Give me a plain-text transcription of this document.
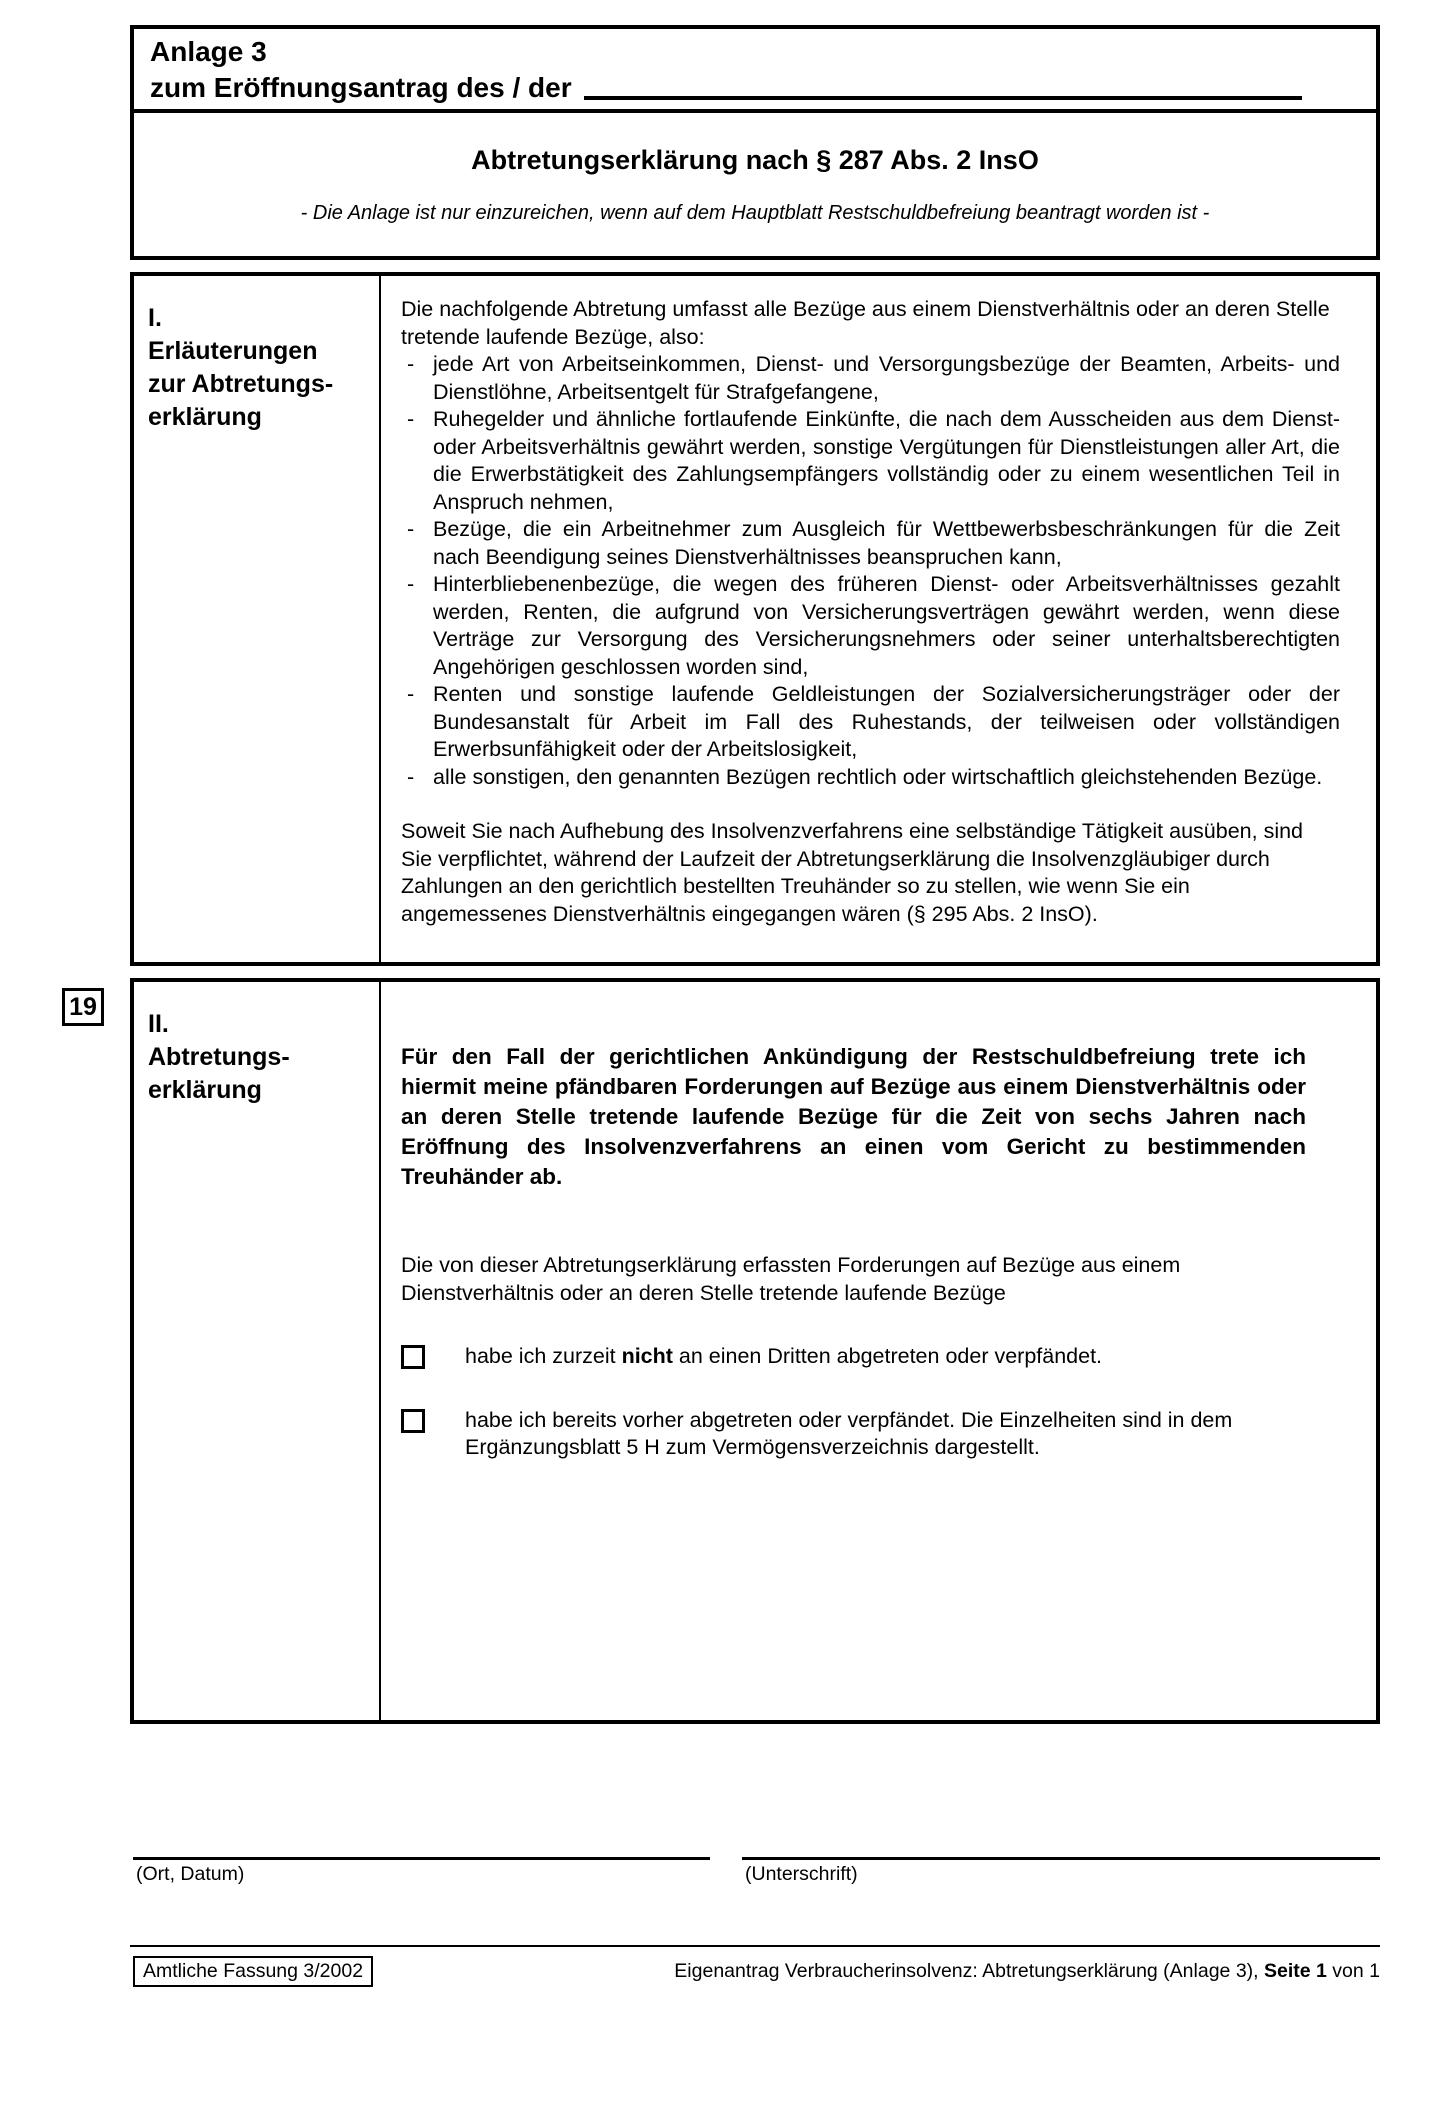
Anlage 3
zum Eröffnungsantrag des / der
Abtretungserklärung nach § 287 Abs. 2 InsO
- Die Anlage ist nur einzureichen, wenn auf dem Hauptblatt Restschuldbefreiung beantragt worden ist -
I.
Erläuterungen
zur Abtretungs-
erklärung
Die nachfolgende Abtretung umfasst alle Bezüge aus einem Dienstverhältnis oder an deren Stelle tretende laufende Bezüge, also:
- jede Art von Arbeitseinkommen, Dienst- und Versorgungsbezüge der Beamten, Arbeits- und Dienstlöhne, Arbeitsentgelt für Strafgefangene,
- Ruhegelder und ähnliche fortlaufende Einkünfte, die nach dem Ausscheiden aus dem Dienst- oder Arbeitsverhältnis gewährt werden, sonstige Vergütungen für Dienstleistungen aller Art, die die Erwerbstätigkeit des Zahlungsempfängers vollständig oder zu einem wesentlichen Teil in Anspruch nehmen,
- Bezüge, die ein Arbeitnehmer zum Ausgleich für Wettbewerbsbeschränkungen für die Zeit nach Beendigung seines Dienstverhältnisses beanspruchen kann,
- Hinterbliebenenbezüge, die wegen des früheren Dienst- oder Arbeitsverhältnisses gezahlt werden, Renten, die aufgrund von Versicherungsverträgen gewährt werden, wenn diese Verträge zur Versorgung des Versicherungsnehmers oder seiner unterhaltsberechtigten Angehörigen geschlossen worden sind,
- Renten und sonstige laufende Geldleistungen der Sozialversicherungsträger oder der Bundesanstalt für Arbeit im Fall des Ruhestands, der teilweisen oder vollständigen Erwerbsunfähigkeit oder der Arbeitslosigkeit,
- alle sonstigen, den genannten Bezügen rechtlich oder wirtschaftlich gleichstehenden Bezüge.
Soweit Sie nach Aufhebung des Insolvenzverfahrens eine selbständige Tätigkeit ausüben, sind Sie verpflichtet, während der Laufzeit der Abtretungserklärung die Insolvenzgläubiger durch Zahlungen an den gerichtlich bestellten Treuhänder so zu stellen, wie wenn Sie ein angemessenes Dienstverhältnis eingegangen wären (§ 295 Abs. 2 InsO).
19
II.
Abtretungs-
erklärung
Für den Fall der gerichtlichen Ankündigung der Restschuldbefreiung trete ich hiermit meine pfändbaren Forderungen auf Bezüge aus einem Dienstverhältnis oder an deren Stelle tretende laufende Bezüge für die Zeit von sechs Jahren nach Eröffnung des Insolvenzverfahrens an einen vom Gericht zu bestimmenden Treuhänder ab.
Die von dieser Abtretungserklärung erfassten Forderungen auf Bezüge aus einem Dienstverhältnis oder an deren Stelle tretende laufende Bezüge
habe ich zurzeit nicht an einen Dritten abgetreten oder verpfändet.
habe ich bereits vorher abgetreten oder verpfändet. Die Einzelheiten sind in dem Ergänzungsblatt 5 H zum Vermögensverzeichnis dargestellt.
(Ort, Datum)	(Unterschrift)
Amtliche Fassung 3/2002	Eigenantrag Verbraucherinsolvenz: Abtretungserklärung (Anlage 3), Seite 1 von 1
